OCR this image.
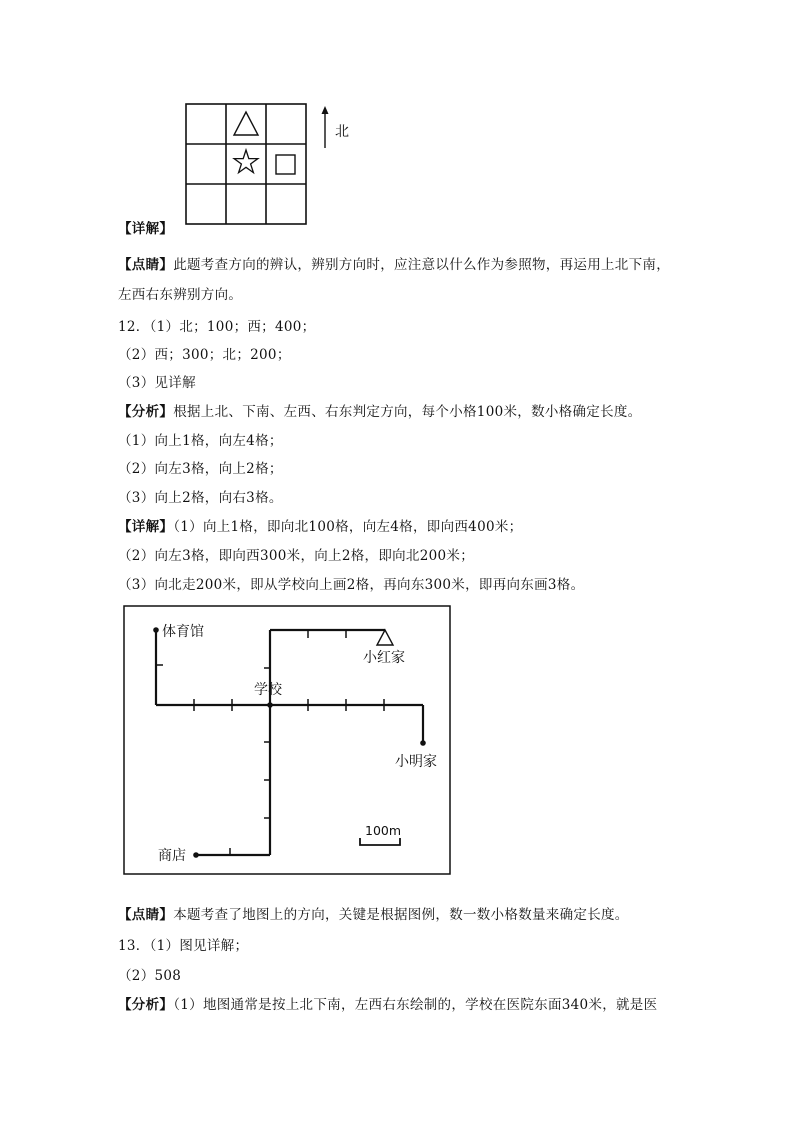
北
【详解】
【点睛】此题考查方向的辨认，辨别方向时，应注意以什么作为参照物，再运用上北下南，
左西右东辨别方向。
12．（1）北；100；西；400；
（2）西；300；北；200；
（3）见详解
【分析】根据上北、下南、左西、右东判定方向，每个小格100米，数小格确定长度。
（1）向上1格，向左4格；
（2）向左3格，向上2格；
（3）向上2格，向右3格。
【详解】（1）向上1格，即向北100格，向左4格，即向西400米；
（2）向左3格，即向西300米，向上2格，即向北200米；
（3）向北走200米，即从学校向上画2格，再向东300米，即再向东画3格。
体育馆
小红家
学校
小明家
商店
100m
【点睛】本题考查了地图上的方向，关键是根据图例，数一数小格数量来确定长度。
13．（1）图见详解；
（2）508
【分析】（1）地图通常是按上北下南，左西右东绘制的，学校在医院东面340米，就是医
